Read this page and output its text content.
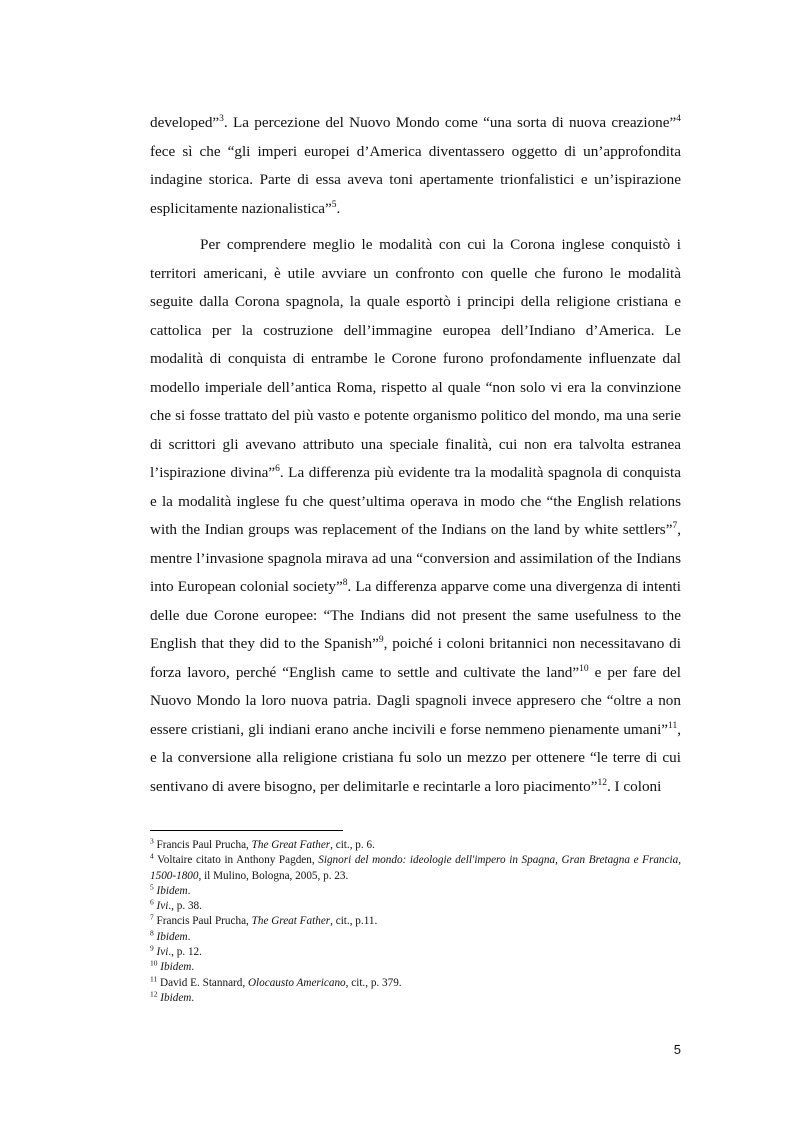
developed”$^3$. La percezione del Nuovo Mondo come “una sorta di nuova creazione”$^4$ fece sì che “gli imperi europei d’America diventassero oggetto di un’approfondita indagine storica. Parte di essa aveva toni apertamente trionfalistici e un’ispirazione esplicitamente nazionalistica”$^5$.

Per comprendere meglio le modalità con cui la Corona inglese conquistò i territori americani, è utile avviare un confronto con quelle che furono le modalità seguite dalla Corona spagnola, la quale esportò i principi della religione cristiana e cattolica per la costruzione dell’immagine europea dell’Indiano d’America. Le modalità di conquista di entrambe le Corone furono profondamente influenzate dal modello imperiale dell’antica Roma, rispetto al quale “non solo vi era la convinzione che si fosse trattato del più vasto e potente organismo politico del mondo, ma una serie di scrittori gli avevano attributo una speciale finalità, cui non era talvolta estranea l’ispirazione divina”$^6$. La differenza più evidente tra la modalità spagnola di conquista e la modalità inglese fu che quest’ultima operava in modo che “the English relations with the Indian groups was replacement of the Indians on the land by white settlers”$^7$, mentre l’invasione spagnola mirava ad una “conversion and assimilation of the Indians into European colonial society”$^8$. La differenza apparve come una divergenza di intenti delle due Corone europee: “The Indians did not present the same usefulness to the English that they did to the Spanish”$^9$, poiché i coloni britannici non necessitavano di forza lavoro, perché “English came to settle and cultivate the land”$^{10}$ e per fare del Nuovo Mondo la loro nuova patria. Dagli spagnoli invece appresero che “oltre a non essere cristiani, gli indiani erano anche incivili e forse nemmeno pienamente umani”$^{11}$, e la conversione alla religione cristiana fu solo un mezzo per ottenere “le terre di cui sentivano di avere bisogno, per delimitarle e recintarle a loro piacimento”$^{12}$. I coloni

$^3$ Francis Paul Prucha, The Great Father, cit., p. 6.

$^4$ Voltaire citato in Anthony Pagden, Signori del mondo: ideologie dell'impero in Spagna, Gran Bretagna e Francia, 1500-1800, il Mulino, Bologna, 2005, p. 23.

$^5$ Ibidem.

$^6$ Ivi., p. 38.

$^7$ Francis Paul Prucha, The Great Father, cit., p.11.

$^8$ Ibidem.

$^9$ Ivi., p. 12.

$^{10}$ Ibidem.

$^{11}$ David E. Stannard, Olocausto Americano, cit., p. 379.

$^{12}$ Ibidem.

5
